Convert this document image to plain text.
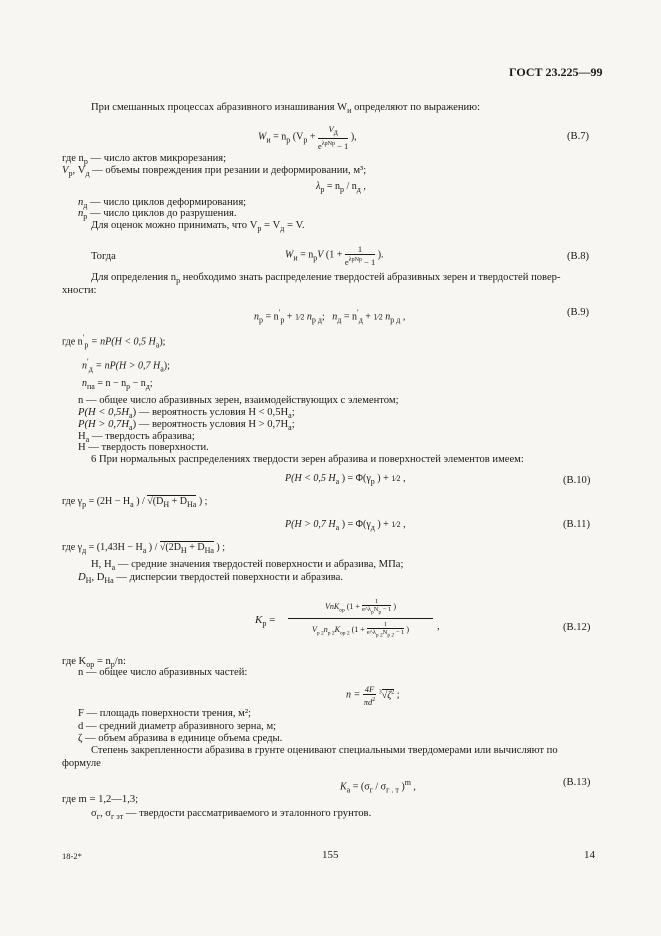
ГОСТ 23.225—99
При смешанных процессах абразивного изнашивания $W_и$ определяют по выражению:
$W_и = n_р$ ($V_р$ +
$V_д$
$e^{\lambda рNр} - 1$
),	(В.7)
где $n_р$ — число актов микрорезания;
$V_р$, $V_д$ — объемы повреждения при резании и деформировании, м³;
$\lambda_р = n_р / n_д$ ,
$n_д$ — число циклов деформирования;
$n_р$ — число циклов до разрушения.
Для оценок можно принимать, что $V_р = V_д = V$.
Тогда	$W_и = n_рV$ (1 +
1
$e^{\lambda рNр} - 1$
).	(В.8)
Для определения $n_р$ необходимо знать распределение твердостей абразивных зерен и твердостей повер-
хности:
$n_р = n'_р$ + 1⁄2 $n_{р д}$; $n_д = n'_д$ + 1⁄2 $n_{р д}$ ,	(В.9)
где $n'_р = nP(H < 0,5$ $H_а$);
$n'_д = nP(H > 0,7$ $H_а$);
$n_{па} = n - n_р - n_д$;
n — общее число абразивных зерен, взаимодействующих с элементом;
$P(H < 0,5H_а)$ — вероятность условия $H < 0,5H_а$;
$P(H > 0,7H_а)$ — вероятность условия $H > 0,7H_а$;
$H_а$ — твердость абразива;
H — твердость поверхности.
6 При нормальных распределениях твердости зерен абразива и поверхностей элементов имеем:
P(H < 0,5 $H_а$ ) = $\Phi(\gamma_р$ ) + 1⁄2 ,	(В.10)
где $\gamma_р = (2H - H_а$ ) / $√(D_H + D_{Hа}$ ) ;
P(H > 0,7 $H_а$ ) = $\Phi(\gamma_д$ ) + 1⁄2 ,	(В.11)
где $\gamma_д = (1,43H - H_а$ ) / $√(2D_H + D_{Hа}$ ) ;
H, $H_а$ — средние значения твердостей поверхности и абразива, МПа;
$D_H$, $D_{Hа}$ — дисперсии твердостей поверхности и абразива.
$K_р$ =
VnK$_{ор}$ (1 +
1
$e\^{}\lambda_рN_р - 1$ )
$V_{р 2}n_{р 2}K_{ор 2}$ (1 +
1
$e\^{}\lambda_{р 2}N_{р 2} - 1$ )	,	(В.12)
где $K_{ор} = n_р/n$:
n — общее число абразивных частей:
$n = \frac{4F}{\pi d^2} ^3√\zeta^2$ ;
F — площадь поверхности трения, м²;
d — средний диаметр абразивного зерна, м;
ζ — объем абразива в единице объема среды.
Степень закрепленности абразива в грунте оценивают специальными твердомерами или вычисляют по
формуле
$K_а = (\sigma_г / \sigma_{г . т}$ )$^m$ ,	(В.13)
где m = 1,2—1,3;
$\sigma_г$, $\sigma_{г эт}$ — твердости рассматриваемого и эталонного грунтов.
18-2*	155	14
